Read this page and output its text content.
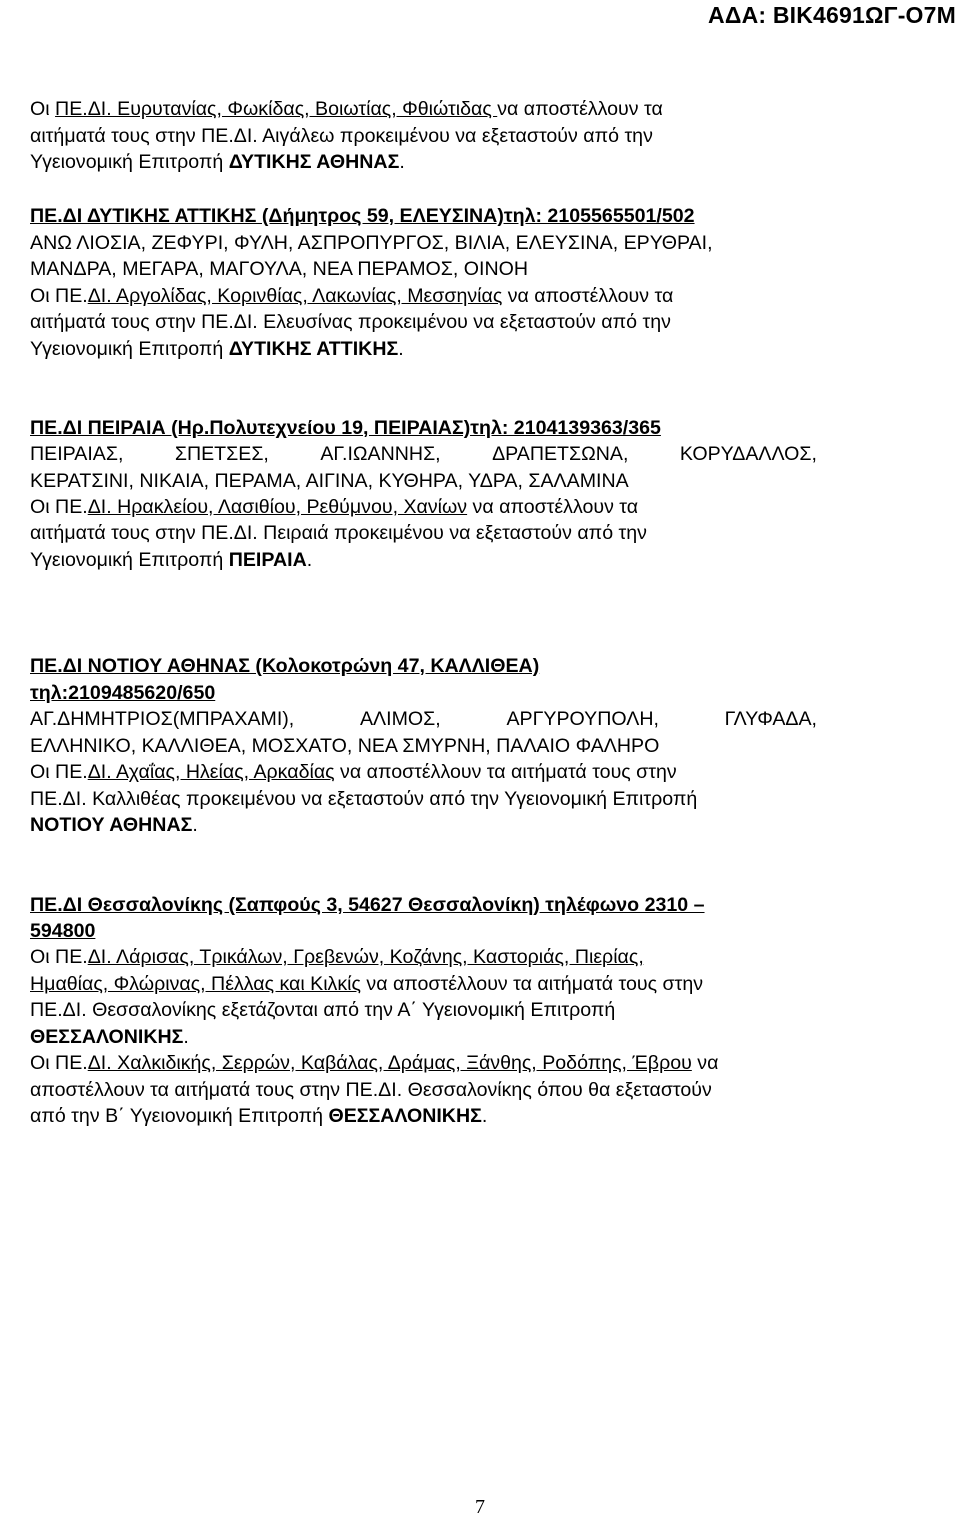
ΑΔΑ: ΒΙΚ4691ΩΓ-Ο7Μ
Οι ΠΕ.ΔΙ. Ευρυτανίας, Φωκίδας, Βοιωτίας, Φθιώτιδας να αποστέλλουν τα
αιτήματά τους στην ΠΕ.ΔΙ. Αιγάλεω προκειμένου να εξεταστούν από την
Υγειονομική Επιτροπή ΔΥΤΙΚΗΣ ΑΘΗΝΑΣ.
ΠΕ.ΔΙ ΔΥΤΙΚΗΣ ΑΤΤΙΚΗΣ (Δήμητρος 59, ΕΛΕΥΣΙΝΑ)τηλ: 2105565501/502
ΑΝΩ ΛΙΟΣΙΑ, ΖΕΦΥΡΙ, ΦΥΛΗ, ΑΣΠΡΟΠΥΡΓΟΣ, ΒΙΛΙΑ, ΕΛΕΥΣΙΝΑ, ΕΡΥΘΡΑΙ,
ΜΑΝΔΡΑ, ΜΕΓΑΡΑ, ΜΑΓΟΥΛΑ, ΝΕΑ ΠΕΡΑΜΟΣ, ΟΙΝΟΗ
Οι ΠΕ.ΔΙ. Αργολίδας, Κορινθίας, Λακωνίας, Μεσσηνίας να αποστέλλουν τα
αιτήματά τους στην ΠΕ.ΔΙ. Ελευσίνας προκειμένου να εξεταστούν από την
Υγειονομική Επιτροπή ΔΥΤΙΚΗΣ ΑΤΤΙΚΗΣ.
ΠΕ.ΔΙ ΠΕΙΡΑΙΑ (Ηρ.Πολυτεχνείου 19, ΠΕΙΡΑΙΑΣ)τηλ: 2104139363/365
ΠΕΙΡΑΙΑΣ,	ΣΠΕΤΣΕΣ,	ΑΓ.ΙΩΑΝΝΗΣ,	ΔΡΑΠΕΤΣΩΝΑ,	ΚΟΡΥΔΑΛΛΟΣ,
ΚΕΡΑΤΣΙΝΙ, ΝΙΚΑΙΑ, ΠΕΡΑΜΑ, ΑΙΓΙΝΑ, ΚΥΘΗΡΑ, ΥΔΡΑ, ΣΑΛΑΜΙΝΑ
Οι ΠΕ.ΔΙ. Ηρακλείου, Λασιθίου, Ρεθύμνου, Χανίων να αποστέλλουν τα
αιτήματά τους στην ΠΕ.ΔΙ. Πειραιά προκειμένου να εξεταστούν από την
Υγειονομική Επιτροπή ΠΕΙΡΑΙΑ.
ΠΕ.ΔΙ ΝΟΤΙΟΥ ΑΘΗΝΑΣ (Κολοκοτρώνη 47, ΚΑΛΛΙΘΕΑ)
τηλ:2109485620/650
ΑΓ.ΔΗΜΗΤΡΙΟΣ(ΜΠΡΑΧΑΜΙ),	ΑΛΙΜΟΣ,	ΑΡΓΥΡΟΥΠΟΛΗ,	ΓΛΥΦΑΔΑ,
ΕΛΛΗΝΙΚΟ, ΚΑΛΛΙΘΕΑ, ΜΟΣΧΑΤΟ, ΝΕΑ ΣΜΥΡΝΗ, ΠΑΛΑΙΟ ΦΑΛΗΡΟ
Οι ΠΕ.ΔΙ. Αχαΐας, Ηλείας, Αρκαδίας να αποστέλλουν τα αιτήματά τους στην
ΠΕ.ΔΙ. Καλλιθέας προκειμένου να εξεταστούν από την Υγειονομική Επιτροπή
ΝΟΤΙΟΥ ΑΘΗΝΑΣ.
ΠΕ.ΔΙ Θεσσαλονίκης (Σαπφούς 3, 54627 Θεσσαλονίκη) τηλέφωνο 2310 –
594800
Οι ΠΕ.ΔΙ. Λάρισας, Τρικάλων, Γρεβενών, Κοζάνης, Καστοριάς, Πιερίας,
Ημαθίας, Φλώρινας, Πέλλας και Κιλκίς να αποστέλλουν τα αιτήματά τους στην
ΠΕ.ΔΙ. Θεσσαλονίκης εξετάζονται από την Α΄ Υγειονομική Επιτροπή
ΘΕΣΣΑΛΟΝΙΚΗΣ.
Οι ΠΕ.ΔΙ. Χαλκιδικής, Σερρών, Καβάλας, Δράμας, Ξάνθης, Ροδόπης, Έβρου να
αποστέλλουν τα αιτήματά τους στην ΠΕ.ΔΙ. Θεσσαλονίκης όπου θα εξεταστούν
από την Β΄ Υγειονομική Επιτροπή ΘΕΣΣΑΛΟΝΙΚΗΣ.
7
